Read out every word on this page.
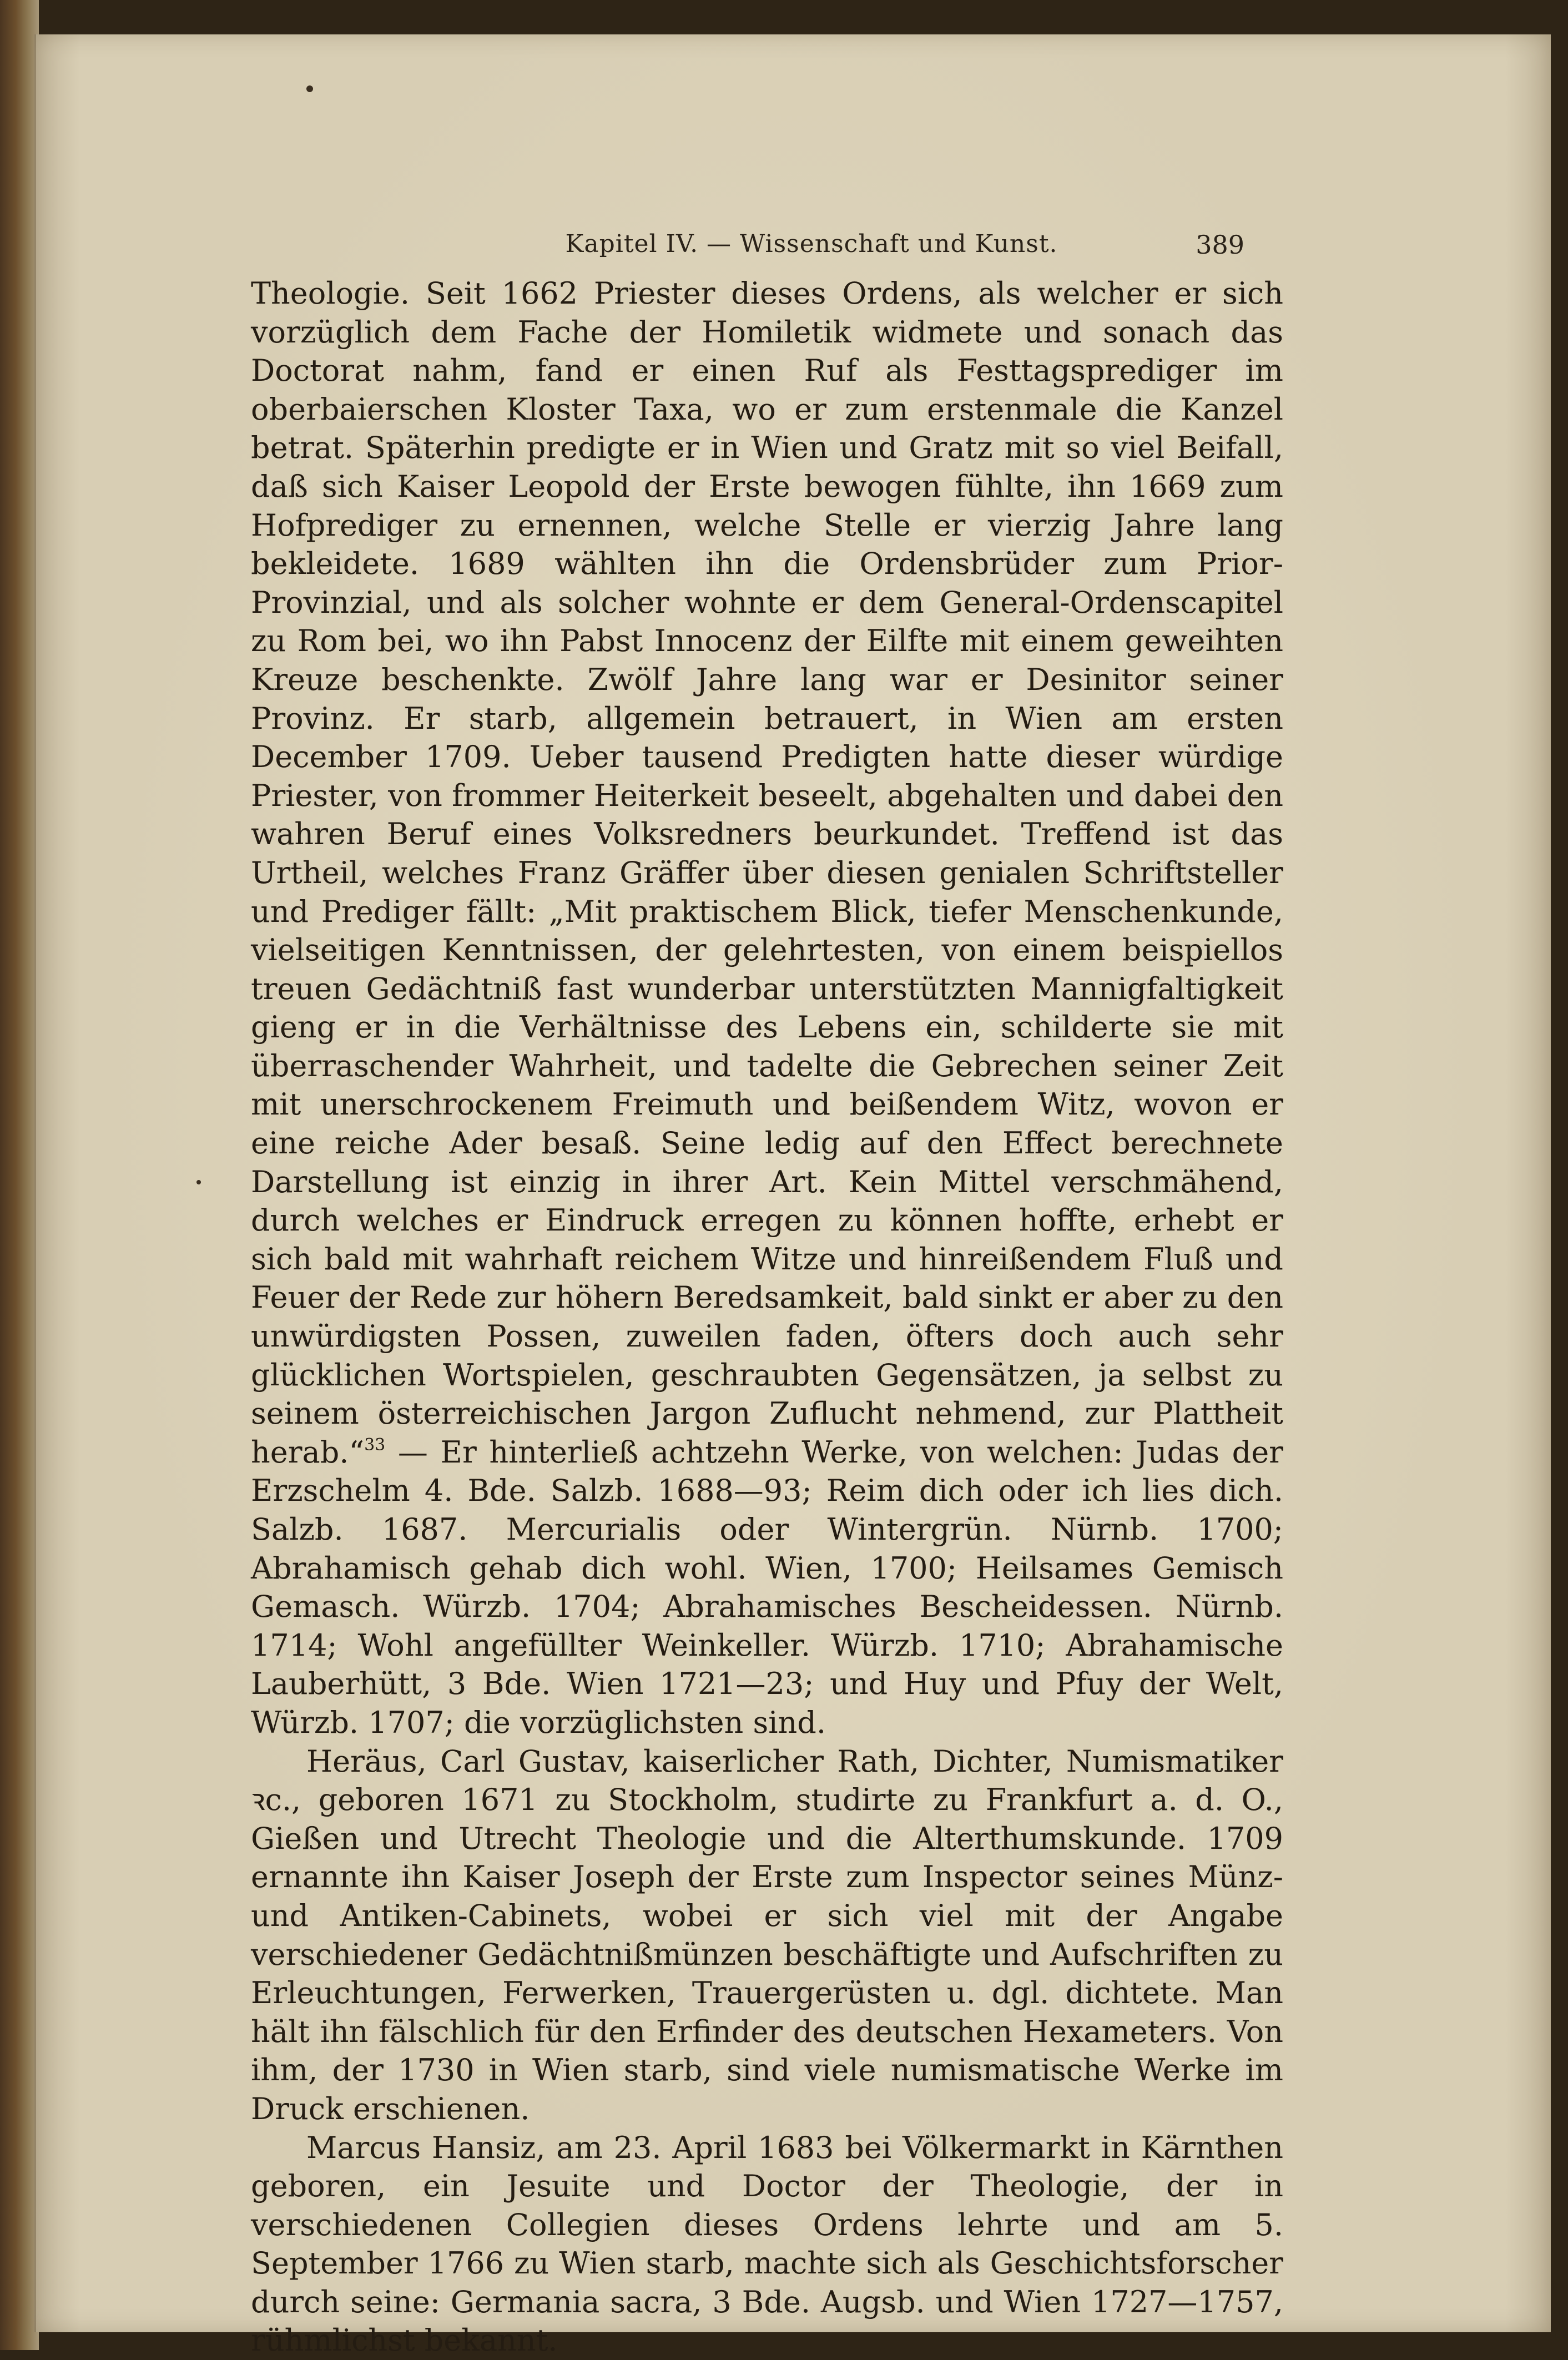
Kapitel IV. — Wissenschaft und Kunst.	389

Theologie. Seit 1662 Priester dieses Ordens, als welcher er sich vorzüglich dem Fache der Homiletik widmete und sonach das Doctorat nahm, fand er einen Ruf als Festtagsprediger im oberbaierschen Kloster Taxa, wo er zum erstenmale die Kanzel betrat. Späterhin predigte er in Wien und Gratz mit so viel Beifall, daß sich Kaiser Leopold der Erste bewogen fühlte, ihn 1669 zum Hofprediger zu ernennen, welche Stelle er vierzig Jahre lang bekleidete. 1689 wählten ihn die Ordensbrüder zum Prior-Provinzial, und als solcher wohnte er dem General-Ordenscapitel zu Rom bei, wo ihn Pabst Innocenz der Eilfte mit einem geweihten Kreuze beschenkte. Zwölf Jahre lang war er Desinitor seiner Provinz. Er starb, allgemein betrauert, in Wien am ersten December 1709. Ueber tausend Predigten hatte dieser würdige Priester, von frommer Heiterkeit beseelt, abgehalten und dabei den wahren Beruf eines Volksredners beurkundet. Treffend ist das Urtheil, welches Franz Gräffer über diesen genialen Schriftsteller und Prediger fällt: „Mit praktischem Blick, tiefer Menschenkunde, vielseitigen Kenntnissen, der gelehrtesten, von einem beispiellos treuen Gedächtniß fast wunderbar unterstützten Mannigfaltigkeit gieng er in die Verhältnisse des Lebens ein, schilderte sie mit überraschender Wahrheit, und tadelte die Gebrechen seiner Zeit mit unerschrockenem Freimuth und beißendem Witz, wovon er eine reiche Ader besaß. Seine ledig auf den Effect berechnete Darstellung ist einzig in ihrer Art. Kein Mittel verschmähend, durch welches er Eindruck erregen zu können hoffte, erhebt er sich bald mit wahrhaft reichem Witze und hinreißendem Fluß und Feuer der Rede zur höhern Beredsamkeit, bald sinkt er aber zu den unwürdigsten Possen, zuweilen faden, öfters doch auch sehr glücklichen Wortspielen, geschraubten Gegensätzen, ja selbst zu seinem österreichischen Jargon Zuflucht nehmend, zur Plattheit herab.“$^{33}$ — Er hinterließ achtzehn Werke, von welchen: Judas der Erzschelm 4. Bde. Salzb. 1688—93; Reim dich oder ich lies dich. Salzb. 1687. Mercurialis oder Wintergrün. Nürnb. 1700; Abrahamisch gehab dich wohl. Wien, 1700; Heilsames Gemisch Gemasch. Würzb. 1704; Abrahamisches Bescheidessen. Nürnb. 1714; Wohl angefüllter Weinkeller. Würzb. 1710; Abrahamische Lauberhütt, 3 Bde. Wien 1721—23; und Huy und Pfuy der Welt, Würzb. 1707; die vorzüglichsten sind.

Heräus, Carl Gustav, kaiserlicher Rath, Dichter, Numismatiker ꝛc., geboren 1671 zu Stockholm, studirte zu Frankfurt a. d. O., Gießen und Utrecht Theologie und die Alterthumskunde. 1709 ernannte ihn Kaiser Joseph der Erste zum Inspector seines Münz- und Antiken-Cabinets, wobei er sich viel mit der Angabe verschiedener Gedächtnißmünzen beschäftigte und Aufschriften zu Erleuchtungen, Ferwerken, Trauergerüsten u. dgl. dichtete. Man hält ihn fälschlich für den Erfinder des deutschen Hexameters. Von ihm, der 1730 in Wien starb, sind viele numismatische Werke im Druck erschienen.

Marcus Hansiz, am 23. April 1683 bei Völkermarkt in Kärnthen geboren, ein Jesuite und Doctor der Theologie, der in verschiedenen Collegien dieses Ordens lehrte und am 5. September 1766 zu Wien starb, machte sich als Geschichtsforscher durch seine: Germania sacra, 3 Bde. Augsb. und Wien 1727—1757, rühmlichst bekannt.
